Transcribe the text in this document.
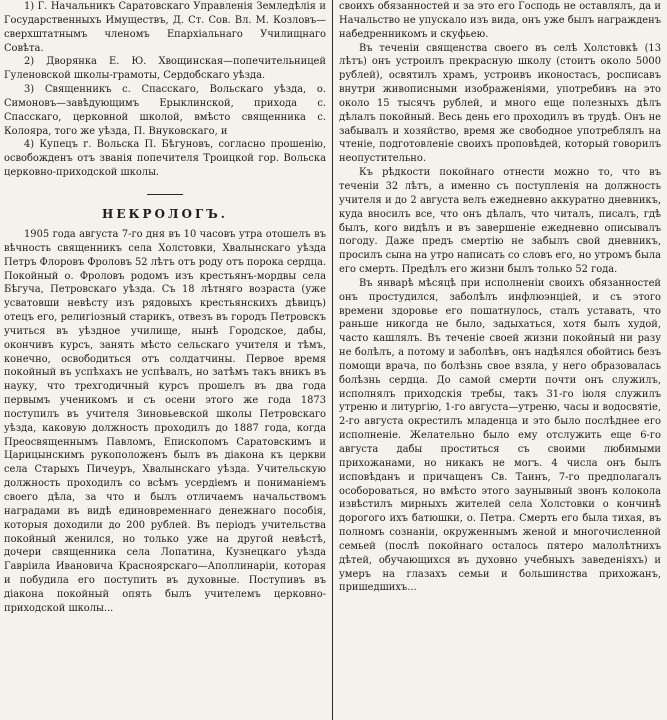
1) Г. Начальникъ Саратовскаго Управленія Земледѣлія и Государственныхъ Имуществъ, Д. Ст. Сов. Вл. М. Козловъ—сверхштатнымъ членомъ Епархіальнаго Училищнаго Совѣта.

2) Дворянка Е. Ю. Хвощинская—попечительницей Гуленовской школы-грамоты, Сердобскаго уѣзда.

3) Священникъ с. Спасскаго, Вольскаго уѣзда, о. Симоновъ—завѣдующимъ Ерыклинской, прихода с. Спасскаго, церковной школой, вмѣсто священника с. Колояра, того же уѣзда, П. Внуковскаго, и

4) Купецъ г. Вольска П. Бѣгуновъ, согласно прошенію, освобожденъ отъ званія попечителя Троицкой гор. Вольска церковно-приходской школы.

НЕКРОЛОГЪ.

1905 года августа 7-го дня въ 10 часовъ утра отошелъ въ вѣчность священникъ села Холстовки, Хвалынскаго уѣзда Петръ Флоровъ Фроловъ 52 лѣтъ отъ роду отъ порока сердца. Покойный о. Фроловъ родомъ изъ крестьянъ-мордвы села Бѣгуча, Петровскаго уѣзда. Съ 18 лѣтняго возраста (уже усватовши невѣсту изъ рядовыхъ крестьянскихъ дѣвицъ) отецъ его, религіозный старикъ, отвезъ въ городъ Петровскъ учиться въ уѣздное училище, нынѣ Городское, дабы, окончивъ курсъ, занять мѣсто сельскаго учителя и тѣмъ, конечно, освободиться отъ солдатчины. Первое время покойный въ успѣхахъ не успѣвалъ, но затѣмъ такъ вникъ въ науку, что трехгодичный курсъ прошелъ въ два года первымъ ученикомъ и съ осени этого же года 1873 поступилъ въ учителя Зиновьевской школы Петровскаго уѣзда, каковую должность проходилъ до 1887 года, когда Преосвященнымъ Павломъ, Епископомъ Саратовскимъ и Царицынскимъ рукоположенъ былъ въ діакона къ церкви села Старыхъ Пичеуръ, Хвалынскаго уѣзда. Учительскую должность проходилъ со всѣмъ усердіемъ и пониманіемъ своего дѣла, за что и былъ отличаемъ начальствомъ наградами въ видѣ единовременнаго денежнаго пособія, которыя доходили до 200 рублей. Въ періодъ учительства покойный женился, но только уже на другой невѣстѣ, дочери священника села Лопатина, Кузнецкаго уѣзда Гавріила Ивановича Красноярскаго—Аполлинаріи, которая и побудила его поступить въ духовные. Поступивъ въ діакона покойный опять былъ учителемъ церковно-приходской школы...

своихъ обязанностей и за это его Господь не оставлялъ, да и Начальство не упускало изъ вида, онъ уже былъ награжденъ набедренникомъ и скуфьею.

Въ теченіи священства своего въ селѣ Холстовкѣ (13 лѣтъ) онъ устроилъ прекрасную школу (стоитъ около 5000 рублей), освятилъ храмъ, устроивъ иконостасъ, росписавъ внутри живописными изображеніями, употребивъ на это около 15 тысячъ рублей, и много еще полезныхъ дѣлъ дѣлалъ покойный. Весь день его проходилъ въ трудѣ. Онъ не забывалъ и хозяйство, время же свободное употреблялъ на чтеніе, подготовленіе своихъ проповѣдей, который говорилъ неопустительно.

Къ рѣдкости покойнаго отнести можно то, что въ теченіи 32 лѣтъ, а именно съ поступленія на должность учителя и до 2 августа велъ ежедневно аккуратно дневникъ, куда вносилъ все, что онъ дѣлалъ, что читалъ, писалъ, гдѣ былъ, кого видѣлъ и въ завершеніе ежедневно описывалъ погоду. Даже предъ смертію не забылъ свой дневникъ, просилъ сына на утро написать со словъ его, но утромъ была его смерть. Предѣлъ его жизни былъ только 52 года.

Въ январѣ мѣсяцѣ при исполненіи своихъ обязанностей онъ простудился, заболѣлъ инфлюэнціей, и съ этого времени здоровье его пошатнулось, сталъ уставать, что раньше никогда не было, задыхаться, хотя былъ худой, часто кашлялъ. Въ теченіе своей жизни покойный ни разу не болѣлъ, а потому и заболѣвъ, онъ надѣялся обойтись безъ помощи врача, по болѣзнь свое взяла, у него образовалась болѣзнь сердца. До самой смерти почти онъ служилъ, исполнялъ приходскія требы, такъ 31-го іюля служилъ утреню и литургію, 1-го августа—утреню, часы и водосвятіе, 2-го августа окрестилъ младенца и это было послѣднее его исполненіе. Желательно было ему отслужить еще 6-го августа дабы проститься съ своими любимыми прихожанами, но никакъ не могъ. 4 числа онъ былъ исповѣданъ и причащенъ Св. Таинъ, 7-го предполагалъ особороваться, но вмѣсто этого заунывный звонъ колокола извѣстилъ мирныхъ жителей села Холстовки о кончинѣ дорогого ихъ батюшки, о. Петра. Смерть его была тихая, въ полномъ сознаніи, окруженнымъ женой и многочисленной семьей (послѣ покойнаго осталось пятеро малолѣтнихъ дѣтей, обучающихся въ духовно учебныхъ заведеніяхъ) и умеръ на глазахъ семьи и большинства прихожанъ, пришедшихъ...
